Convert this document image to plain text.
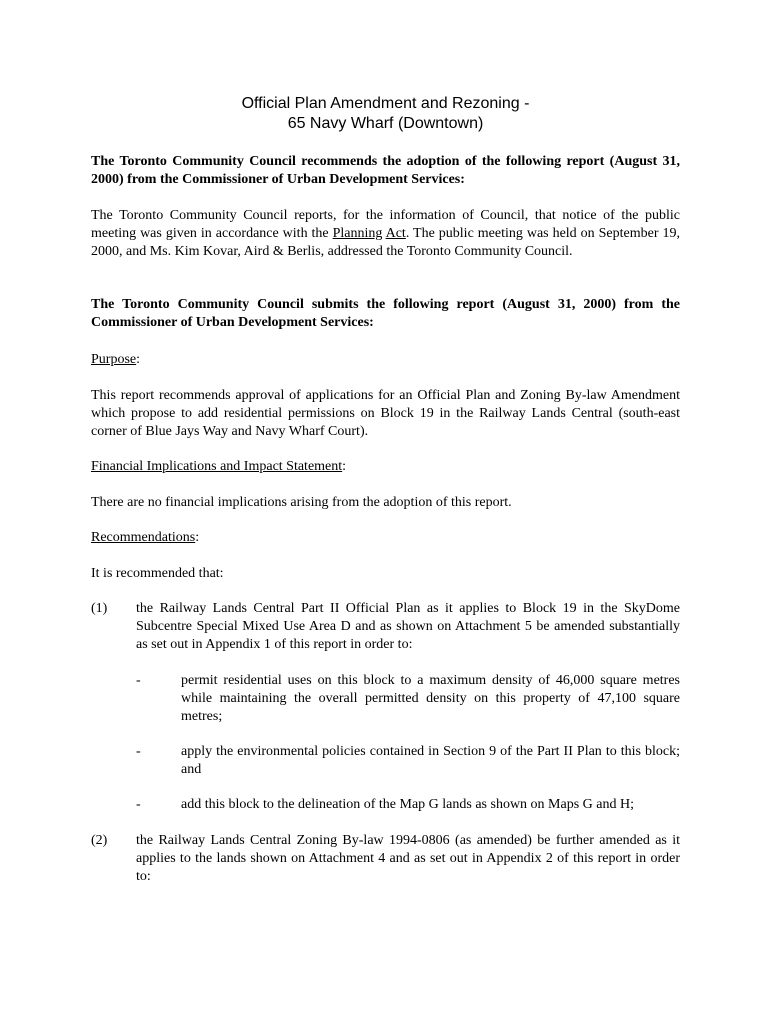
Official Plan Amendment and Rezoning -
65 Navy Wharf (Downtown)
The Toronto Community Council recommends the adoption of the following report (August 31, 2000) from the Commissioner of Urban Development Services:
The Toronto Community Council reports, for the information of Council, that notice of the public meeting was given in accordance with the Planning Act. The public meeting was held on September 19, 2000, and Ms. Kim Kovar, Aird & Berlis, addressed the Toronto Community Council.
The Toronto Community Council submits the following report (August 31, 2000) from the Commissioner of Urban Development Services:
Purpose:
This report recommends approval of applications for an Official Plan and Zoning By-law Amendment which propose to add residential permissions on Block 19 in the Railway Lands Central (south-east corner of Blue Jays Way and Navy Wharf Court).
Financial Implications and Impact Statement:
There are no financial implications arising from the adoption of this report.
Recommendations:
It is recommended that:
(1) the Railway Lands Central Part II Official Plan as it applies to Block 19 in the SkyDome Subcentre Special Mixed Use Area D and as shown on Attachment 5 be amended substantially as set out in Appendix 1 of this report in order to:
-	permit residential uses on this block to a maximum density of 46,000 square metres while maintaining the overall permitted density on this property of 47,100 square metres;
-	apply the environmental policies contained in Section 9 of the Part II Plan to this block; and
-	add this block to the delineation of the Map G lands as shown on Maps G and H;
(2) the Railway Lands Central Zoning By-law 1994-0806 (as amended) be further amended as it applies to the lands shown on Attachment 4 and as set out in Appendix 2 of this report in order to:
